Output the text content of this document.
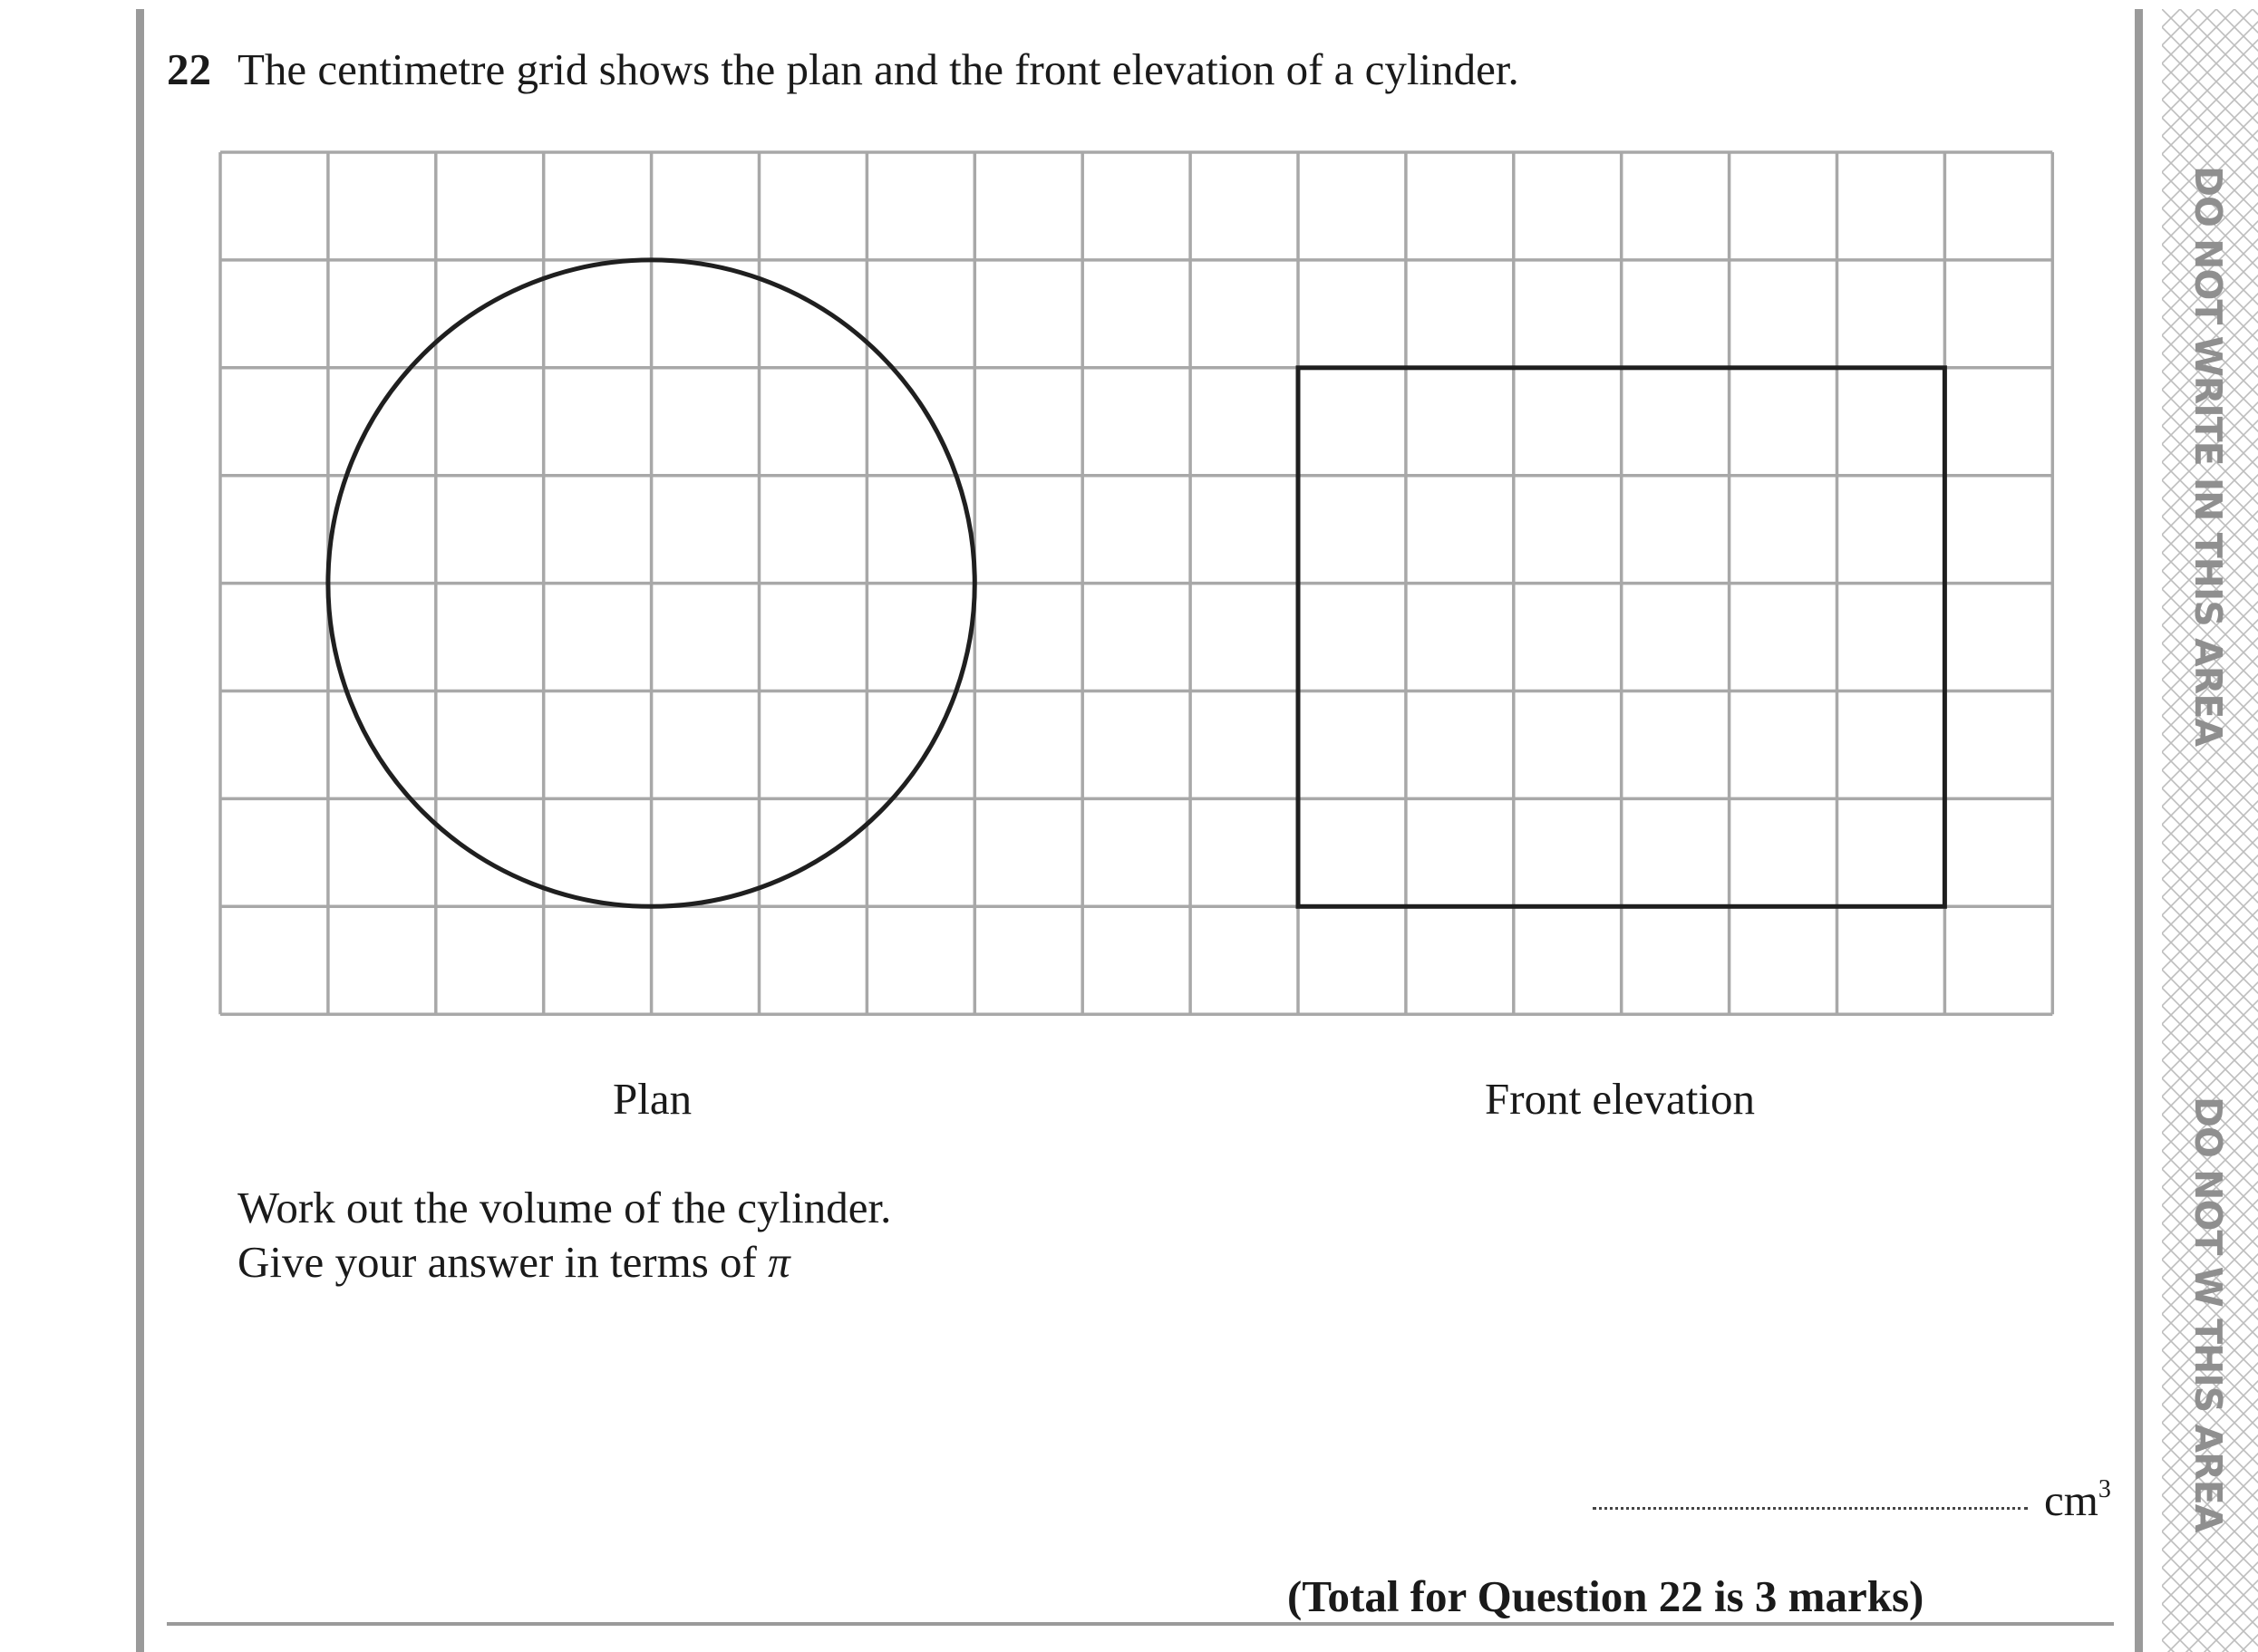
DO NOT WRITE IN THIS AREA
DO NOT W THIS AREA
22 The centimetre grid shows the plan and the front elevation of a cylinder.
Plan	Front elevation
Work out the volume of the cylinder.
Give your answer in terms of π
$cm^3$
(Total for Question 22 is 3 marks)
